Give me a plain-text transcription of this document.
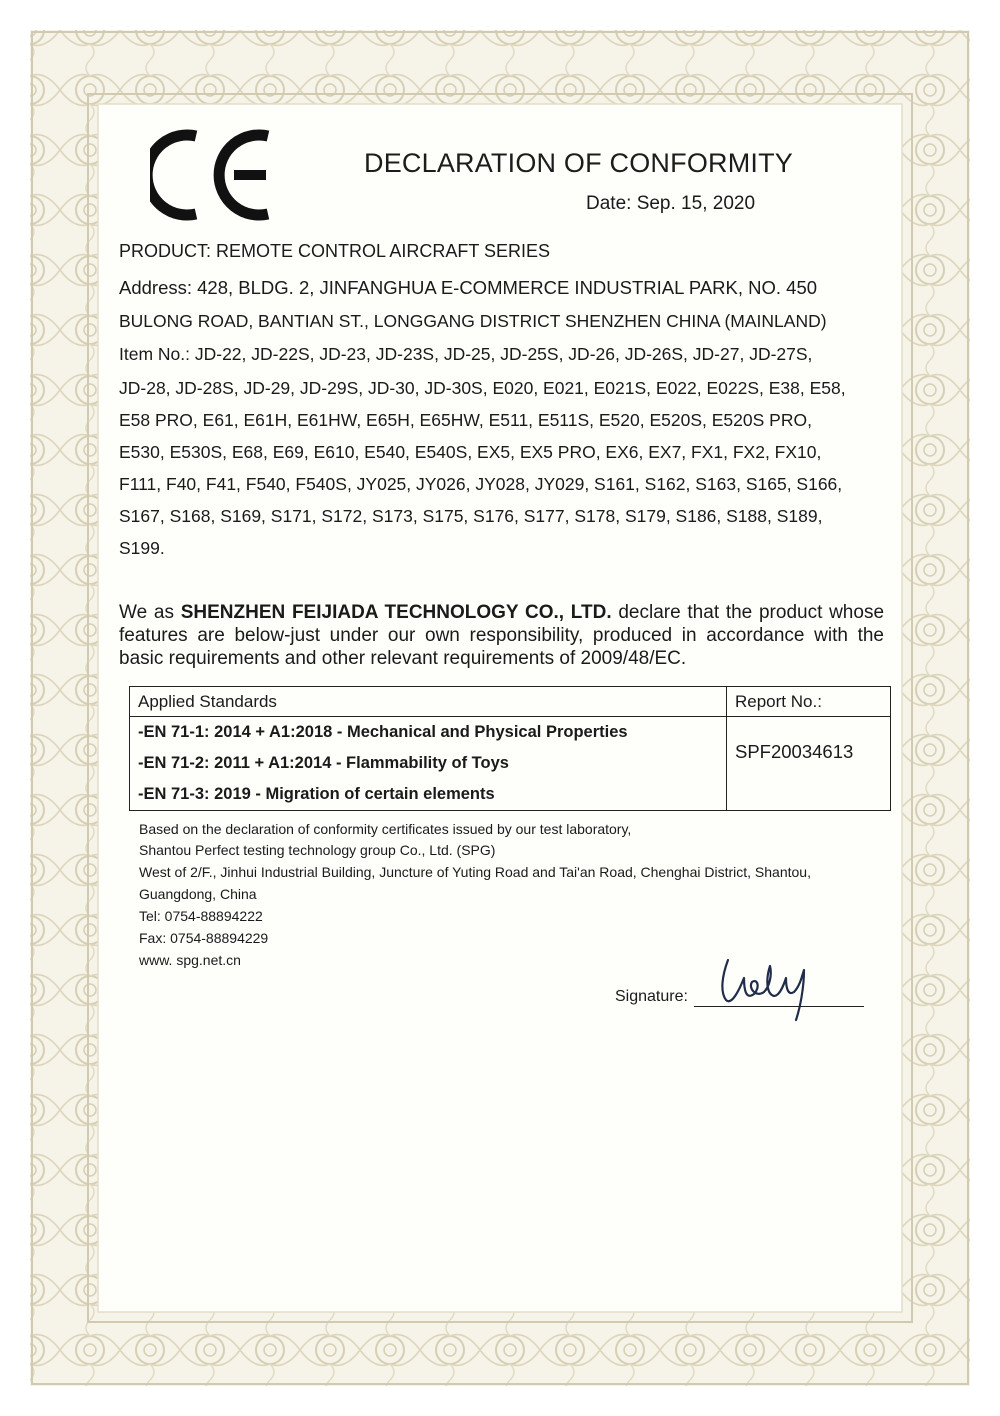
DECLARATION OF CONFORMITY
Date: Sep. 15, 2020
PRODUCT: REMOTE CONTROL AIRCRAFT SERIES
Address: 428, BLDG. 2, JINFANGHUA E-COMMERCE INDUSTRIAL PARK, NO. 450
BULONG ROAD, BANTIAN ST., LONGGANG DISTRICT SHENZHEN CHINA (MAINLAND)
Item No.: JD-22, JD-22S, JD-23, JD-23S, JD-25, JD-25S, JD-26, JD-26S, JD-27, JD-27S,
JD-28, JD-28S, JD-29, JD-29S, JD-30, JD-30S, E020, E021, E021S, E022, E022S, E38, E58,
E58 PRO, E61, E61H, E61HW, E65H, E65HW, E511, E511S, E520, E520S, E520S PRO,
E530, E530S, E68, E69, E610, E540, E540S, EX5, EX5 PRO, EX6, EX7, FX1, FX2, FX10,
F111, F40, F41, F540, F540S, JY025, JY026, JY028, JY029, S161, S162, S163, S165, S166,
S167, S168, S169, S171, S172, S173, S175, S176, S177, S178, S179, S186, S188, S189,
S199.
We as SHENZHEN FEIJIADA TECHNOLOGY CO., LTD. declare that the product whose features are below-just under our own responsibility, produced in accordance with the basic requirements and other relevant requirements of 2009/48/EC.
Applied Standards	Report No.:

-EN 71-1: 2014 + A1:2018 - Mechanical and Physical Properties
-EN 71-2: 2011 + A1:2014 - Flammability of Toys
-EN 71-3: 2019 - Migration of certain elements	SPF20034613
Based on the declaration of conformity certificates issued by our test laboratory,
Shantou Perfect testing technology group Co., Ltd. (SPG)
West of 2/F., Jinhui Industrial Building, Juncture of Yuting Road and Tai'an Road, Chenghai District, Shantou,
Guangdong, China
Tel: 0754-88894222
Fax: 0754-88894229
www. spg.net.cn
Signature:
